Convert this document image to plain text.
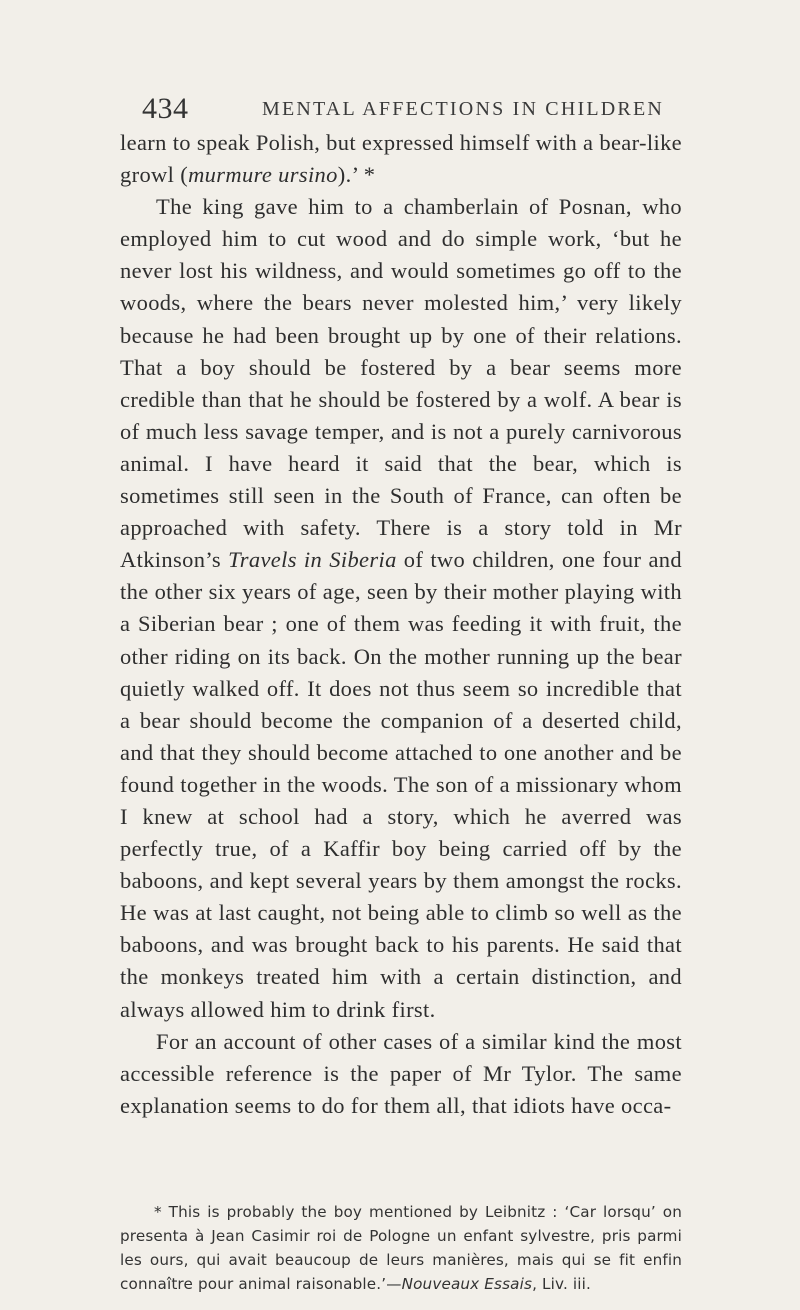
434	MENTAL AFFECTIONS IN CHILDREN

learn to speak Polish, but expressed himself with a bear-like growl (murmure ursino).’ *

The king gave him to a chamberlain of Posnan, who employed him to cut wood and do simple work, ‘but he never lost his wildness, and would sometimes go off to the woods, where the bears never molested him,’ very likely because he had been brought up by one of their relations. That a boy should be fostered by a bear seems more credible than that he should be fostered by a wolf. A bear is of much less savage temper, and is not a purely carnivorous animal. I have heard it said that the bear, which is sometimes still seen in the South of France, can often be approached with safety. There is a story told in Mr Atkinson’s Travels in Siberia of two children, one four and the other six years of age, seen by their mother playing with a Siberian bear ; one of them was feeding it with fruit, the other riding on its back. On the mother running up the bear quietly walked off. It does not thus seem so incredible that a bear should become the companion of a deserted child, and that they should become attached to one another and be found together in the woods. The son of a missionary whom I knew at school had a story, which he averred was perfectly true, of a Kaffir boy being carried off by the baboons, and kept several years by them amongst the rocks. He was at last caught, not being able to climb so well as the baboons, and was brought back to his parents. He said that the monkeys treated him with a certain distinction, and always allowed him to drink first.

For an account of other cases of a similar kind the most accessible reference is the paper of Mr Tylor. The same explanation seems to do for them all, that idiots have occa-

* This is probably the boy mentioned by Leibnitz : ‘Car lorsqu’ on presenta à Jean Casimir roi de Pologne un enfant sylvestre, pris parmi les ours, qui avait beaucoup de leurs manières, mais qui se fit enfin connaître pour animal raisonable.’—Nouveaux Essais, Liv. iii.
